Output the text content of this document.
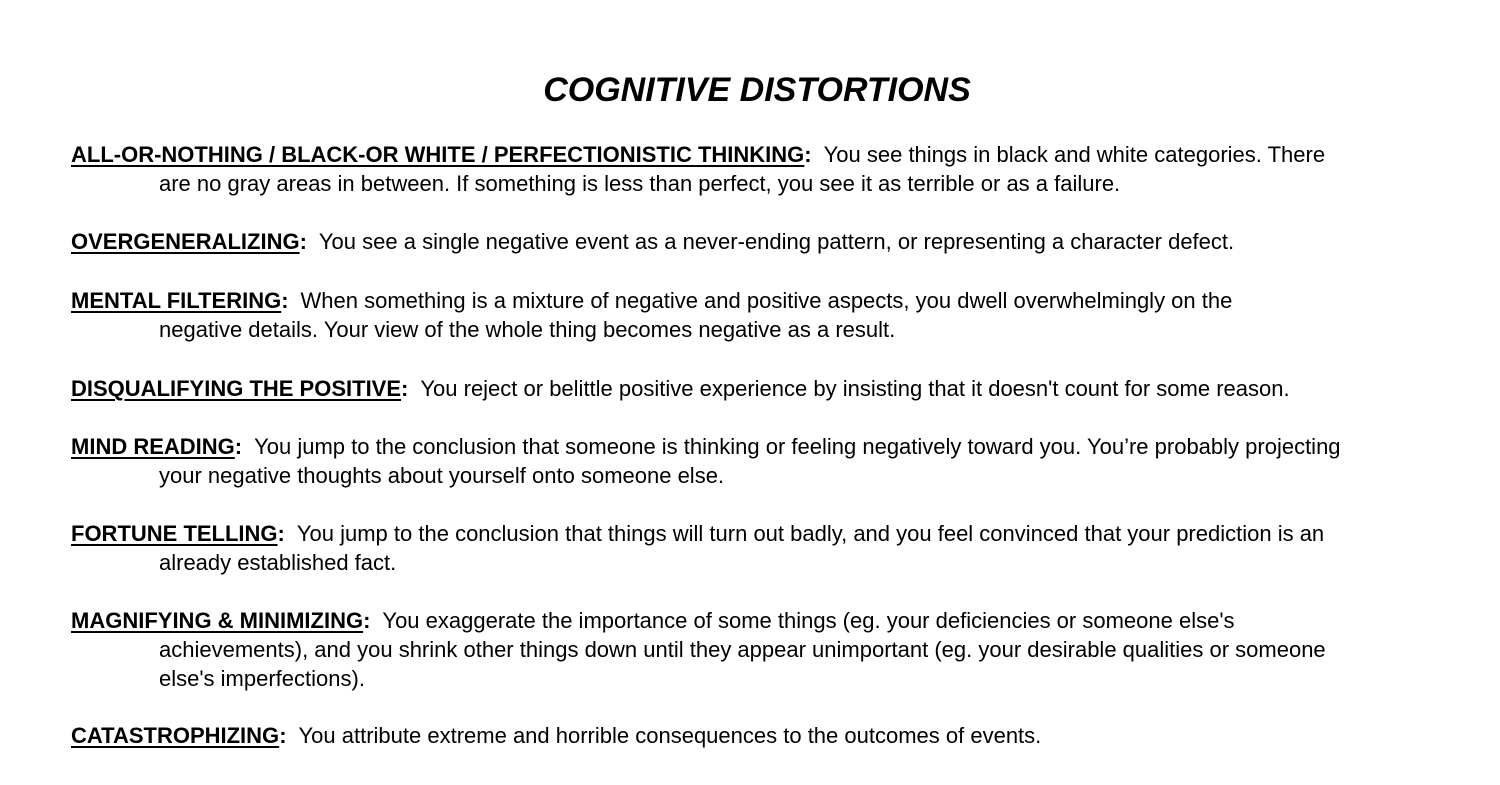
COGNITIVE DISTORTIONS

ALL-OR-NOTHING / BLACK-OR WHITE / PERFECTIONISTIC THINKING: You see things in black and white categories. There
are no gray areas in between. If something is less than perfect, you see it as terrible or as a failure.

OVERGENERALIZING: You see a single negative event as a never-ending pattern, or representing a character defect.

MENTAL FILTERING: When something is a mixture of negative and positive aspects, you dwell overwhelmingly on the
negative details. Your view of the whole thing becomes negative as a result.

DISQUALIFYING THE POSITIVE: You reject or belittle positive experience by insisting that it doesn't count for some reason.

MIND READING: You jump to the conclusion that someone is thinking or feeling negatively toward you. You’re probably projecting
your negative thoughts about yourself onto someone else.

FORTUNE TELLING: You jump to the conclusion that things will turn out badly, and you feel convinced that your prediction is an
already established fact.

MAGNIFYING & MINIMIZING: You exaggerate the importance of some things (eg. your deficiencies or someone else's
achievements), and you shrink other things down until they appear unimportant (eg. your desirable qualities or someone
else's imperfections).

CATASTROPHIZING: You attribute extreme and horrible consequences to the outcomes of events.
